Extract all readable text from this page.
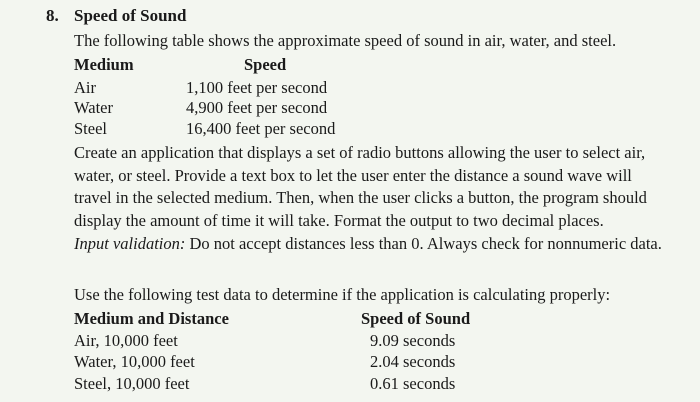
8. Speed of Sound
The following table shows the approximate speed of sound in air, water, and steel.
Medium	Speed
Air	1,100 feet per second
Water	4,900 feet per second
Steel	16,400 feet per second
Create an application that displays a set of radio buttons allowing the user to select air, water, or steel. Provide a text box to let the user enter the distance a sound wave will travel in the selected medium. Then, when the user clicks a button, the program should display the amount of time it will take. Format the output to two decimal places.
Input validation: Do not accept distances less than 0. Always check for nonnumeric data.
Use the following test data to determine if the application is calculating properly:
Medium and Distance	Speed of Sound
Air, 10,000 feet	9.09 seconds
Water, 10,000 feet	2.04 seconds
Steel, 10,000 feet	0.61 seconds
